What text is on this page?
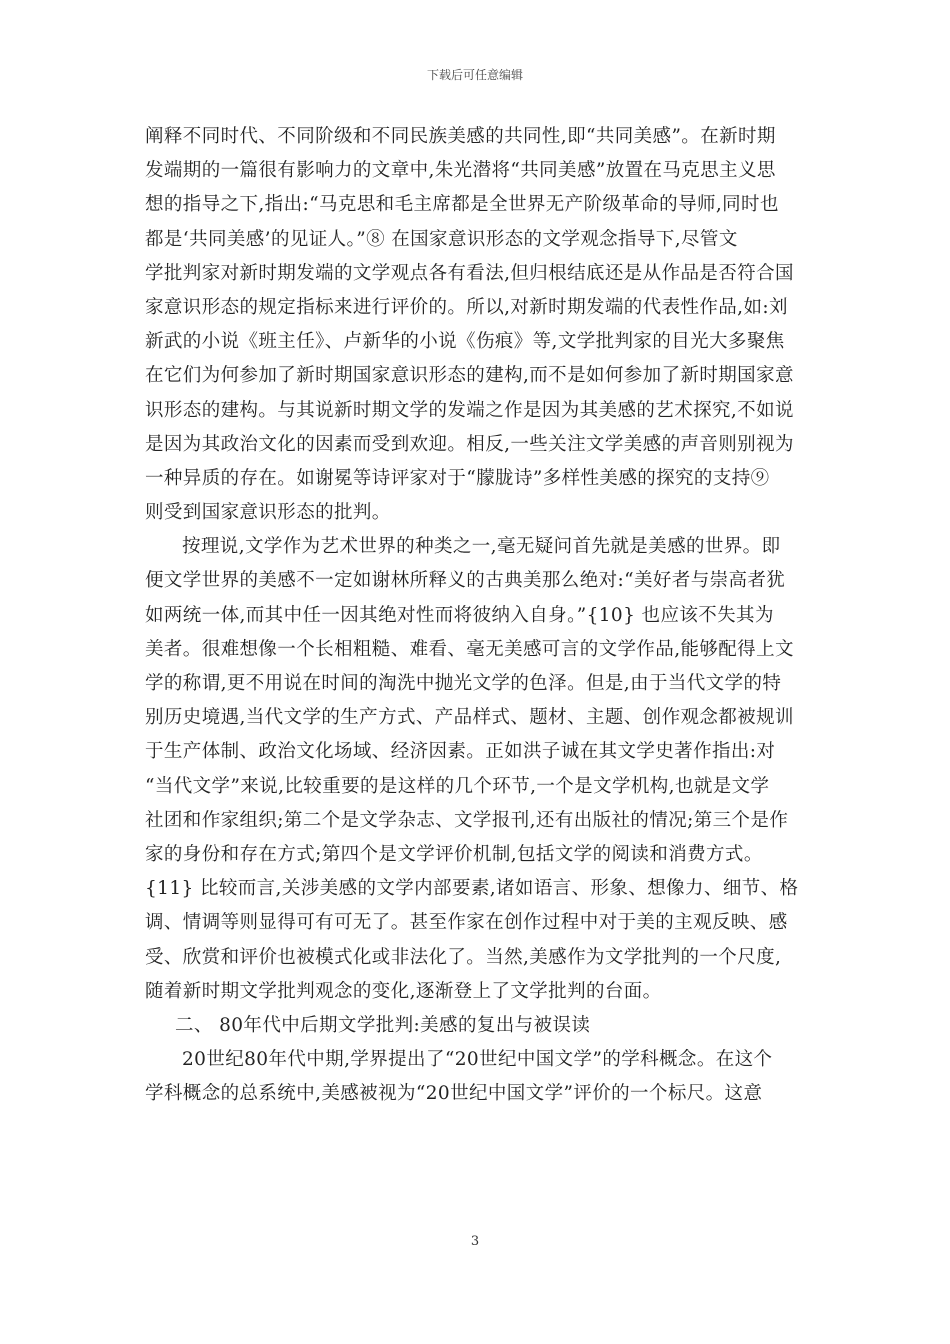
下载后可任意编辑
阐释不同时代、不同阶级和不同民族美感的共同性,即“共同美感”。在新时期
发端期的一篇很有影响力的文章中,朱光潜将“共同美感”放置在马克思主义思
想的指导之下,指出:“马克思和毛主席都是全世界无产阶级革命的导师,同时也
都是‘共同美感’的见证人。”⑧ 在国家意识形态的文学观念指导下,尽管文
学批判家对新时期发端的文学观点各有看法,但归根结底还是从作品是否符合国
家意识形态的规定指标来进行评价的。所以,对新时期发端的代表性作品,如:刘
新武的小说《班主任》、卢新华的小说《伤痕》等,文学批判家的目光大多聚焦
在它们为何参加了新时期国家意识形态的建构,而不是如何参加了新时期国家意
识形态的建构。与其说新时期文学的发端之作是因为其美感的艺术探究,不如说
是因为其政治文化的因素而受到欢迎。相反,一些关注文学美感的声音则别视为
一种异质的存在。如谢冕等诗评家对于“朦胧诗”多样性美感的探究的支持⑨
则受到国家意识形态的批判。
按理说,文学作为艺术世界的种类之一,毫无疑问首先就是美感的世界。即
便文学世界的美感不一定如谢林所释义的古典美那么绝对:“美好者与崇高者犹
如两统一体,而其中任一因其绝对性而将彼纳入自身。”{10} 也应该不失其为
美者。很难想像一个长相粗糙、难看、毫无美感可言的文学作品,能够配得上文
学的称谓,更不用说在时间的淘洗中抛光文学的色泽。但是,由于当代文学的特
别历史境遇,当代文学的生产方式、产品样式、题材、主题、创作观念都被规训
于生产体制、政治文化场域、经济因素。正如洪子诚在其文学史著作指出:对
“当代文学”来说,比较重要的是这样的几个环节,一个是文学机构,也就是文学
社团和作家组织;第二个是文学杂志、文学报刊,还有出版社的情况;第三个是作
家的身份和存在方式;第四个是文学评价机制,包括文学的阅读和消费方式。
{11} 比较而言,关涉美感的文学内部要素,诸如语言、形象、想像力、细节、格
调、情调等则显得可有可无了。甚至作家在创作过程中对于美的主观反映、感
受、欣赏和评价也被模式化或非法化了。当然,美感作为文学批判的一个尺度,
随着新时期文学批判观念的变化,逐渐登上了文学批判的台面。
二、 80年代中后期文学批判:美感的复出与被误读
20世纪80年代中期,学界提出了“20世纪中国文学”的学科概念。在这个
学科概念的总系统中,美感被视为“20世纪中国文学”评价的一个标尺。这意
3
